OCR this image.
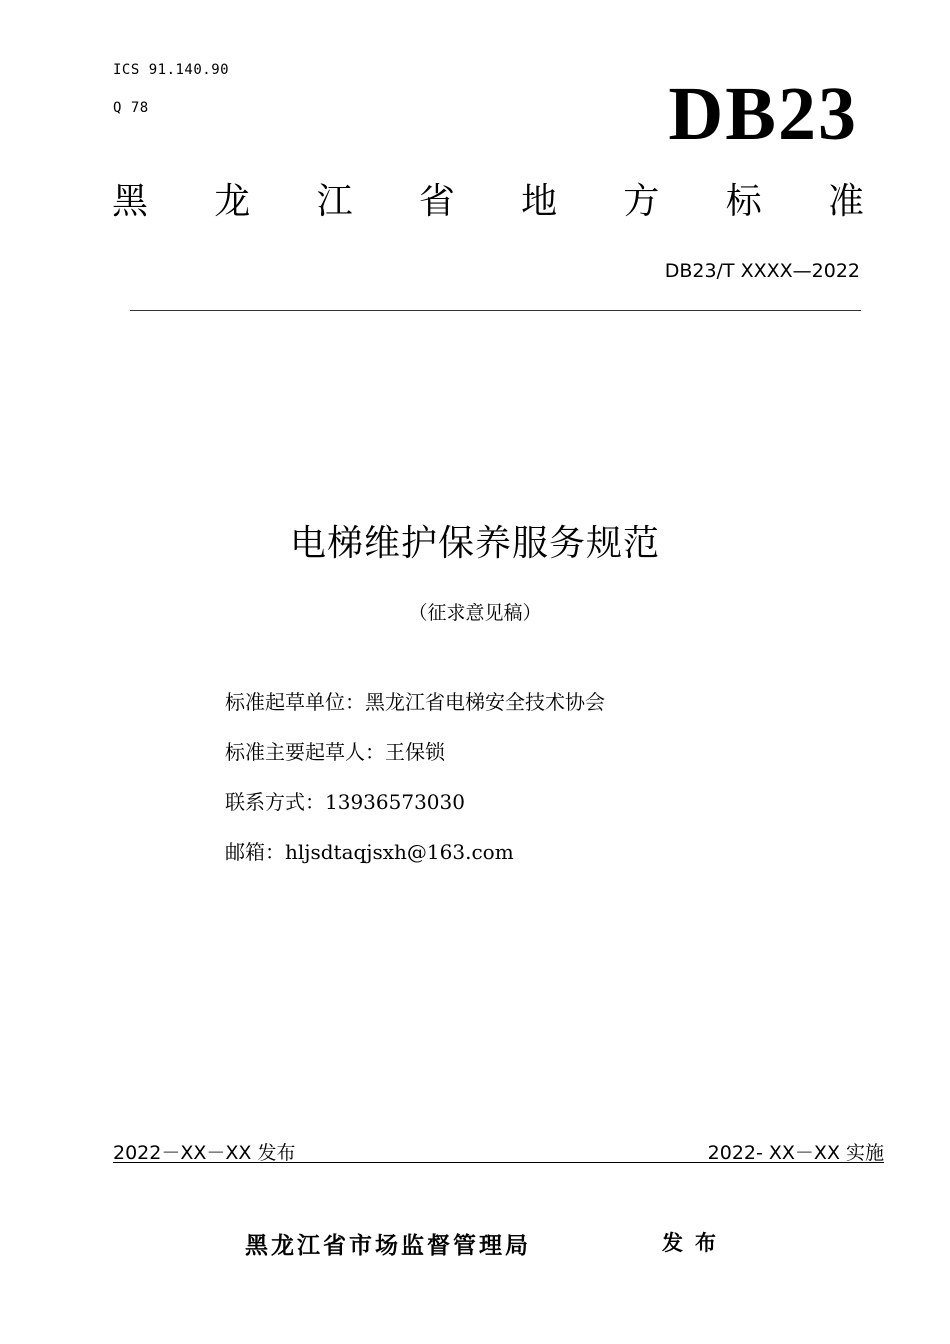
ICS 91.140.90
Q 78	DB23
黑 龙 江 省 地 方 标 准
DB23/T XXXX—2022
电梯维护保养服务规范
（征求意见稿）
标准起草单位：黑龙江省电梯安全技术协会
标准主要起草人：王保锁
联系方式：13936573030
邮箱：hljsdtaqjsxh@163.com
2022－XX－XX 发布	2022- XX－XX 实施
黑龙江省市场监督管理局	发布
